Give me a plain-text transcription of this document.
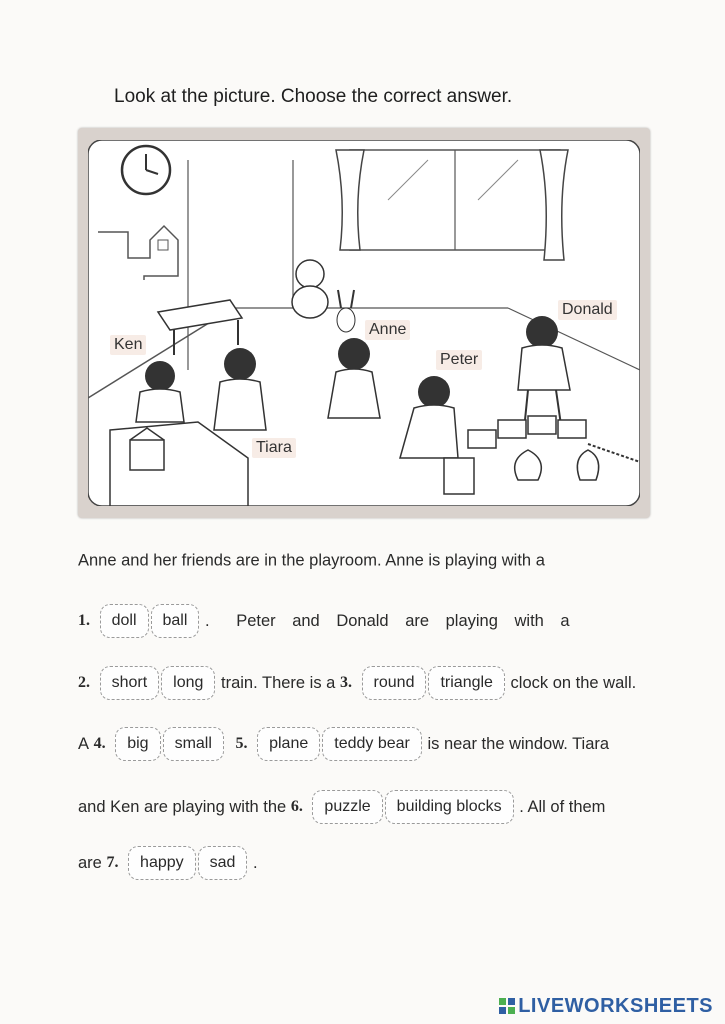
Look at the picture. Choose the correct answer.
Ken
Tiara
Anne
Peter
Donald
Anne and her friends are in the playroom. Anne is playing with a
1. doll ball . Peter and Donald are playing with a
2. short long train. There is a 3. round triangle clock on the wall.
A 4. big small 5. plane teddy bear is near the window. Tiara
and Ken are playing with the 6. puzzle building blocks . All of them
are 7. happy sad .
LIVEWORKSHEETS
